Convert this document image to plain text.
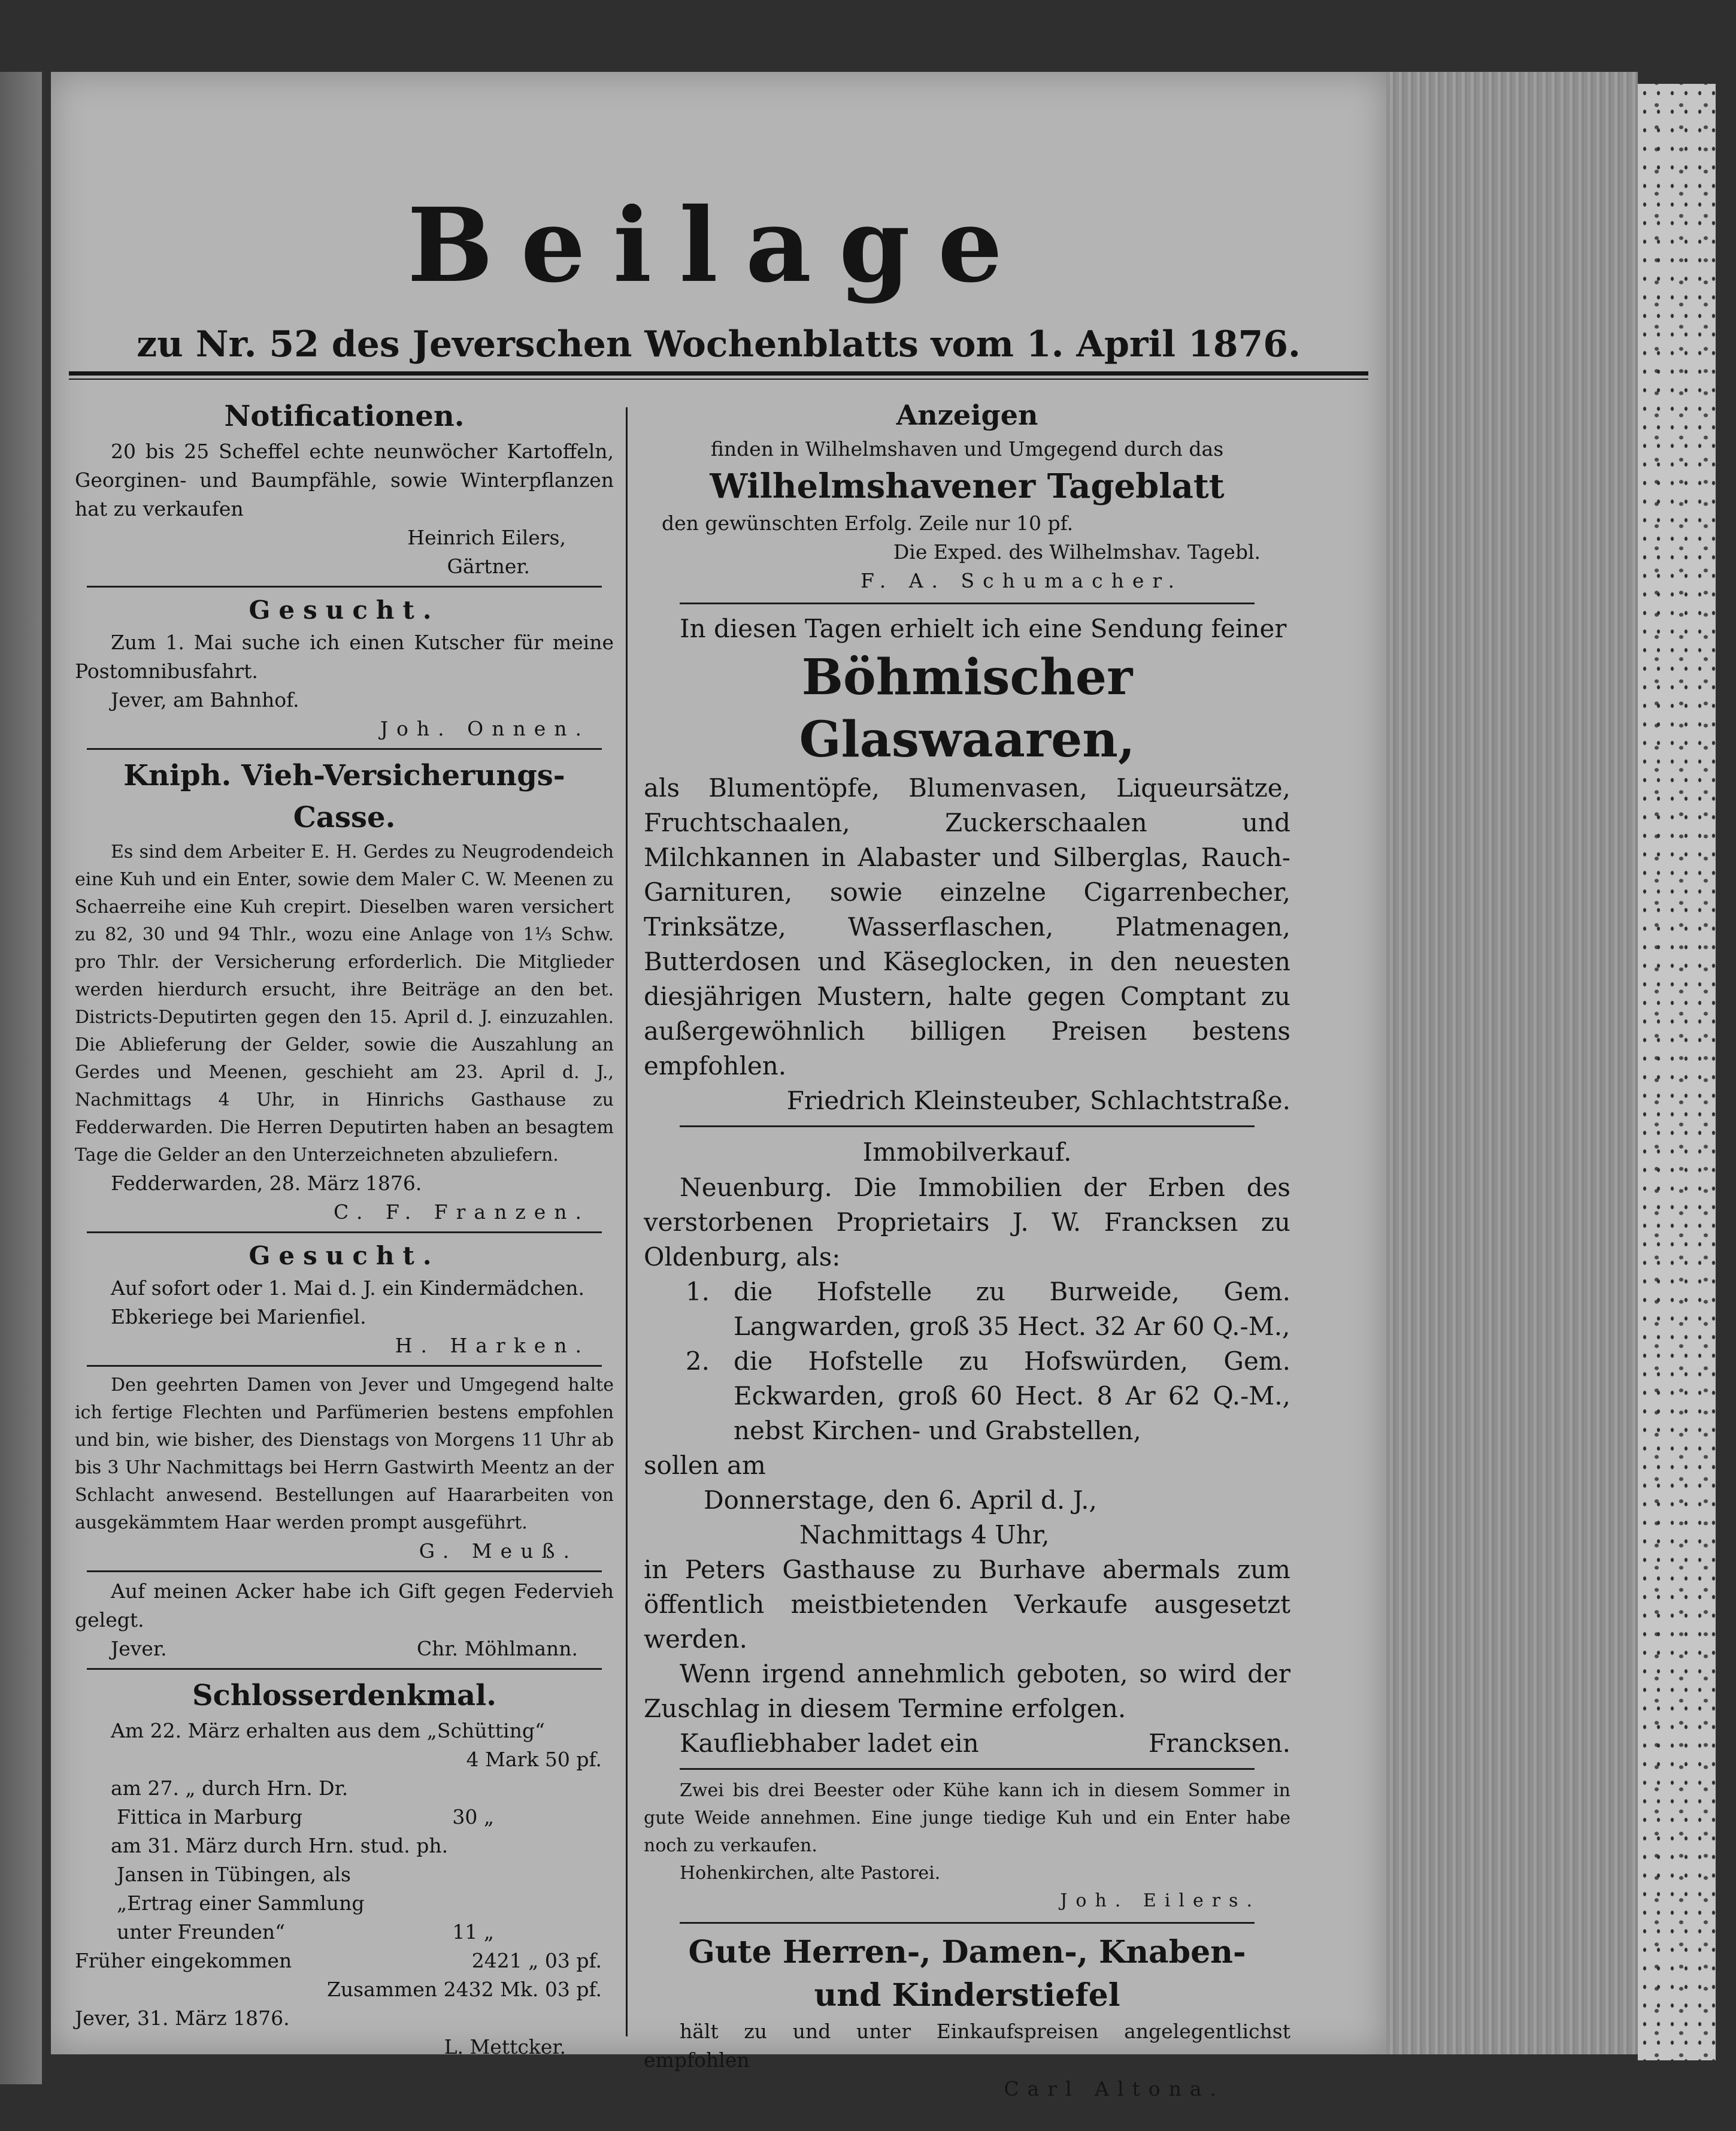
Beilage
zu Nr. 52 des Jeverschen Wochenblatts vom 1. April 1876.
Notificationen.

20 bis 25 Scheffel echte neunwöcher Kartoffeln, Georginen- und Baumpfähle, sowie Winterpflanzen hat zu verkaufen

Heinrich Eilers,

Gärtner.

Gesucht.

Zum 1. Mai suche ich einen Kutscher für meine Postomnibusfahrt.

Jever, am Bahnhof.

Joh. Onnen.

Kniph. Vieh-Versicherungs-Casse.

Es sind dem Arbeiter E. H. Gerdes zu Neugrodendeich eine Kuh und ein Enter, sowie dem Maler C. W. Meenen zu Schaerreihe eine Kuh crepirt. Dieselben waren versichert zu 82, 30 und 94 Thlr., wozu eine Anlage von 1⅓ Schw. pro Thlr. der Versicherung erforderlich. Die Mitglieder werden hierdurch ersucht, ihre Beiträge an den bet. Districts-Deputirten gegen den 15. April d. J. einzuzahlen. Die Ablieferung der Gelder, sowie die Auszahlung an Gerdes und Meenen, geschieht am 23. April d. J., Nachmittags 4 Uhr, in Hinrichs Gasthause zu Fedderwarden. Die Herren Deputirten haben an besagtem Tage die Gelder an den Unterzeichneten abzuliefern.

Fedderwarden, 28. März 1876.

C. F. Franzen.

Gesucht.

Auf sofort oder 1. Mai d. J. ein Kindermädchen.

Ebkeriege bei Marienfiel.

H. Harken.

Den geehrten Damen von Jever und Umgegend halte ich fertige Flechten und Parfümerien bestens empfohlen und bin, wie bisher, des Dienstags von Morgens 11 Uhr ab bis 3 Uhr Nachmittags bei Herrn Gastwirth Meentz an der Schlacht anwesend. Bestellungen auf Haararbeiten von ausgekämmtem Haar werden prompt ausgeführt.

G. Meuß.

Auf meinen Acker habe ich Gift gegen Federvieh gelegt.

Jever.	Chr. Möhlmann.

Schlosserdenkmal.

Am 22. März erhalten aus dem „Schütting“

4 Mark 50 pf.

am 27. „ durch Hrn. Dr.

Fittica in Marburg	30 „

am 31. März durch Hrn. stud. ph.

Jansen in Tübingen, als

„Ertrag einer Sammlung

unter Freunden“	11 „

Früher eingekommen	2421 „ 03 pf.

Zusammen 2432 Mk. 03 pf.

Jever, 31. März 1876.

L. Mettcker.

Anzeigen

finden in Wilhelmshaven und Umgegend durch das

Wilhelmshavener Tageblatt

den gewünschten Erfolg. Zeile nur 10 pf.

Die Exped. des Wilhelmshav. Tagebl.

F. A. Schumacher.

In diesen Tagen erhielt ich eine Sendung feiner

Böhmischer Glaswaaren,

als Blumentöpfe, Blumenvasen, Liqueursätze, Fruchtschaalen, Zuckerschaalen und Milchkannen in Alabaster und Silberglas, Rauch-Garnituren, sowie einzelne Cigarrenbecher, Trinksätze, Wasserflaschen, Platmenagen, Butterdosen und Käseglocken, in den neuesten diesjährigen Mustern, halte gegen Comptant zu außergewöhnlich billigen Preisen bestens empfohlen.

Friedrich Kleinsteuber, Schlachtstraße.

Immobilverkauf.

Neuenburg. Die Immobilien der Erben des verstorbenen Proprietairs J. W. Francksen zu Oldenburg, als:

1. die Hofstelle zu Burweide, Gem. Langwarden, groß 35 Hect. 32 Ar 60 Q.-M.,

2. die Hofstelle zu Hofswürden, Gem. Eckwarden, groß 60 Hect. 8 Ar 62 Q.-M., nebst Kirchen- und Grabstellen,

sollen am

Donnerstage, den 6. April d. J.,

Nachmittags 4 Uhr,

in Peters Gasthause zu Burhave abermals zum öffentlich meistbietenden Verkaufe ausgesetzt werden.

Wenn irgend annehmlich geboten, so wird der Zuschlag in diesem Termine erfolgen.

Kaufliebhaber ladet ein	Francksen.

Zwei bis drei Beester oder Kühe kann ich in diesem Sommer in gute Weide annehmen. Eine junge tiedige Kuh und ein Enter habe noch zu verkaufen.

Hohenkirchen, alte Pastorei.

Joh. Eilers.

Gute Herren-, Damen-, Knaben-

und Kinderstiefel

hält zu und unter Einkaufspreisen angelegentlichst empfohlen

Carl Altona.
